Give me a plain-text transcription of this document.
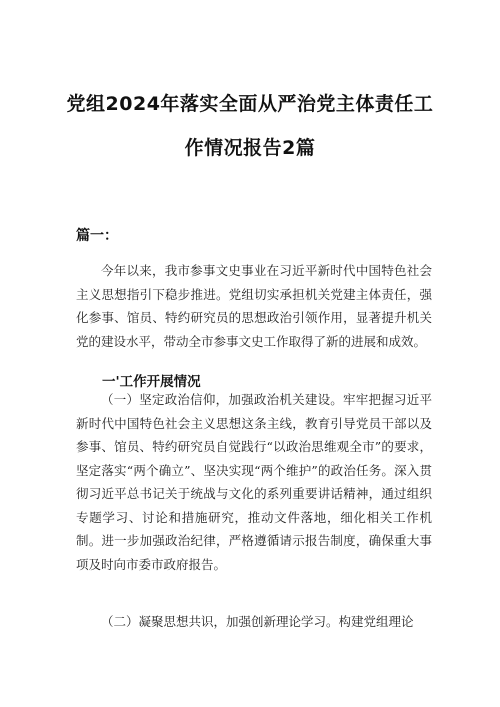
党组2024年落实全面从严治党主体责任工
作情况报告2篇
篇一：

今年以来，我市参事文史事业在习近平新时代中国特色社会主义思想指引下稳步推进。党组切实承担机关党建主体责任，强化参事、馆员、特约研究员的思想政治引领作用，显著提升机关党的建设水平，带动全市参事文史工作取得了新的进展和成效。

一'工作开展情况

（一）坚定政治信仰，加强政治机关建设。牢牢把握习近平新时代中国特色社会主义思想这条主线，教育引导党员干部以及参事、馆员、特约研究员自觉践行“以政治思维观全市”的要求，坚定落实“两个确立”、坚决实现“两个维护”的政治任务。深入贯彻习近平总书记关于统战与文化的系列重要讲话精神，通过组织专题学习、讨论和措施研究，推动文件落地，细化相关工作机制。进一步加强政治纪律，严格遵循请示报告制度，确保重大事项及时向市委市政府报告。

（二）凝聚思想共识，加强创新理论学习。构建党组理论
